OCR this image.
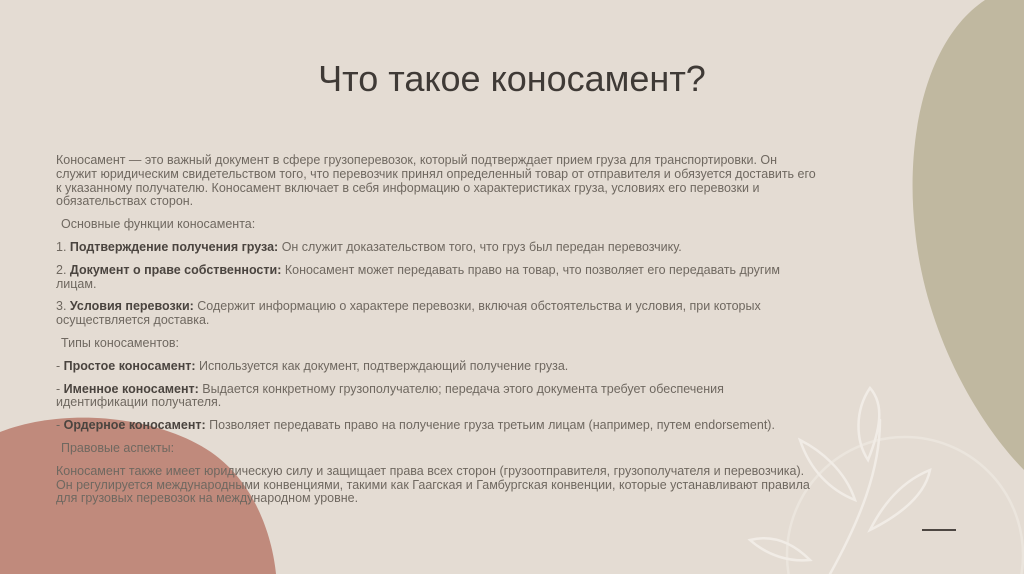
Что такое коносамент?

Коносамент — это важный документ в сфере грузоперевозок, который подтверждает прием груза для транспортировки. Он служит юридическим свидетельством того, что перевозчик принял определенный товар от отправителя и обязуется доставить его к указанному получателю. Коносамент включает в себя информацию о характеристиках груза, условиях его перевозки и обязательствах сторон.

Основные функции коносамента:

1. Подтверждение получения груза: Он служит доказательством того, что груз был передан перевозчику.

2. Документ о праве собственности: Коносамент может передавать право на товар, что позволяет его передавать другим лицам.

3. Условия перевозки: Содержит информацию о характере перевозки, включая обстоятельства и условия, при которых осуществляется доставка.

Типы коносаментов:

- Простое коносамент: Используется как документ, подтверждающий получение груза.

- Именное коносамент: Выдается конкретному грузополучателю; передача этого документа требует обеспечения идентификации получателя.

- Ордерное коносамент: Позволяет передавать право на получение груза третьим лицам (например, путем endorsement).

Правовые аспекты:

Коносамент также имеет юридическую силу и защищает права всех сторон (грузоотправителя, грузополучателя и перевозчика). Он регулируется международными конвенциями, такими как Гаагская и Гамбургская конвенции, которые устанавливают правила для грузовых перевозок на международном уровне.
